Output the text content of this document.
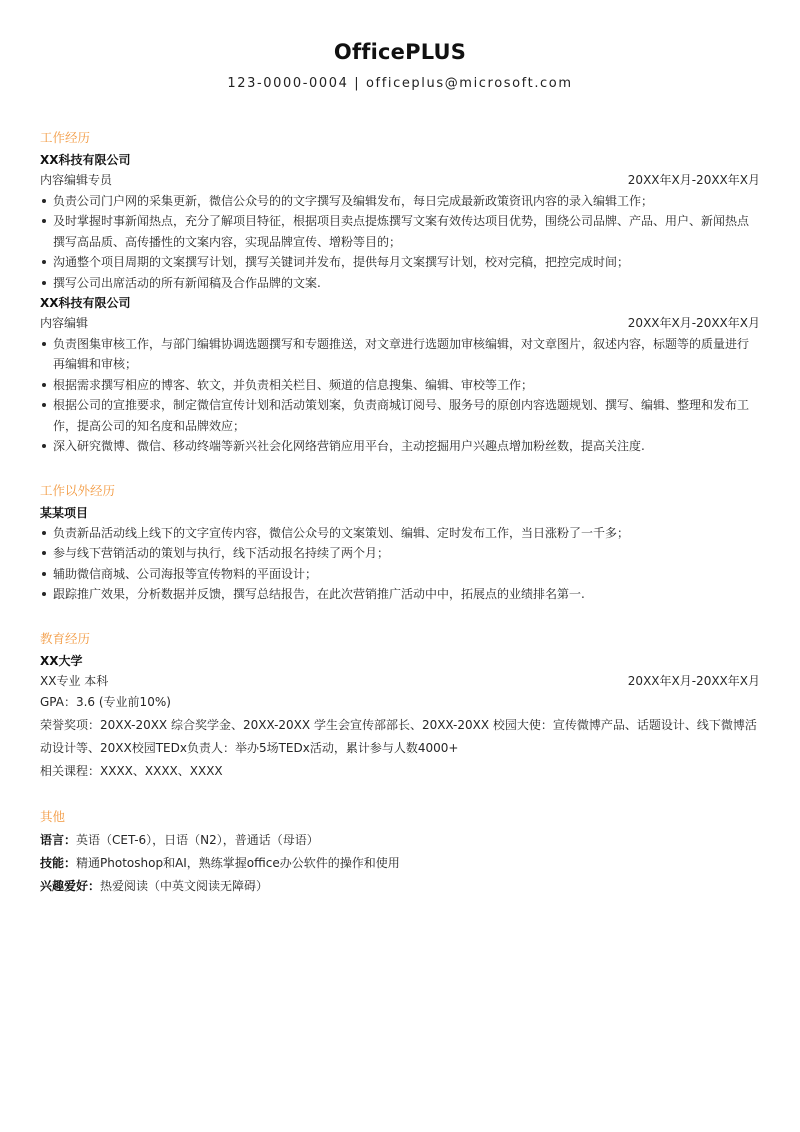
OfficePLUS
123-0000-0004 | officeplus@microsoft.com
工作经历
XX科技有限公司
内容编辑专员	20XX年X月-20XX年X月
负责公司门户网的采集更新，微信公众号的的文字撰写及编辑发布，每日完成最新政策资讯内容的录入编辑工作；
及时掌握时事新闻热点，充分了解项目特征，根据项目卖点提炼撰写文案有效传达项目优势，围绕公司品牌、产品、用户、新闻热点撰写高品质、高传播性的文案内容，实现品牌宣传、增粉等目的；
沟通整个项目周期的文案撰写计划，撰写关键词并发布，提供每月文案撰写计划，校对完稿，把控完成时间；
撰写公司出席活动的所有新闻稿及合作品牌的文案.
XX科技有限公司
内容编辑	20XX年X月-20XX年X月
负责图集审核工作，与部门编辑协调选题撰写和专题推送，对文章进行选题加审核编辑，对文章图片，叙述内容，标题等的质量进行再编辑和审核；
根据需求撰写相应的博客、软文，并负责相关栏目、频道的信息搜集、编辑、审校等工作；
根据公司的宣推要求，制定微信宣传计划和活动策划案，负责商城订阅号、服务号的原创内容选题规划、撰写、编辑、整理和发布工作，提高公司的知名度和品牌效应；
深入研究微博、微信、移动终端等新兴社会化网络营销应用平台，主动挖掘用户兴趣点增加粉丝数，提高关注度.
工作以外经历
某某项目
负责新品活动线上线下的文字宣传内容，微信公众号的文案策划、编辑、定时发布工作，当日涨粉了一千多；
参与线下营销活动的策划与执行，线下活动报名持续了两个月；
辅助微信商城、公司海报等宣传物料的平面设计；
跟踪推广效果，分析数据并反馈，撰写总结报告，在此次营销推广活动中中，拓展点的业绩排名第一.
教育经历
XX大学
XX专业 本科	20XX年X月-20XX年X月
GPA：3.6 (专业前10%)
荣誉奖项：20XX-20XX 综合奖学金、20XX-20XX 学生会宣传部部长、20XX-20XX 校园大使：宣传微博产品、话题设计、线下微博活动设计等、20XX校园TEDx负责人：举办5场TEDx活动，累计参与人数4000+
相关课程：XXXX、XXXX、XXXX
其他
语言：英语（CET-6），日语（N2），普通话（母语）
技能：精通Photoshop和AI，熟练掌握office办公软件的操作和使用
兴趣爱好：热爱阅读（中英文阅读无障碍）
